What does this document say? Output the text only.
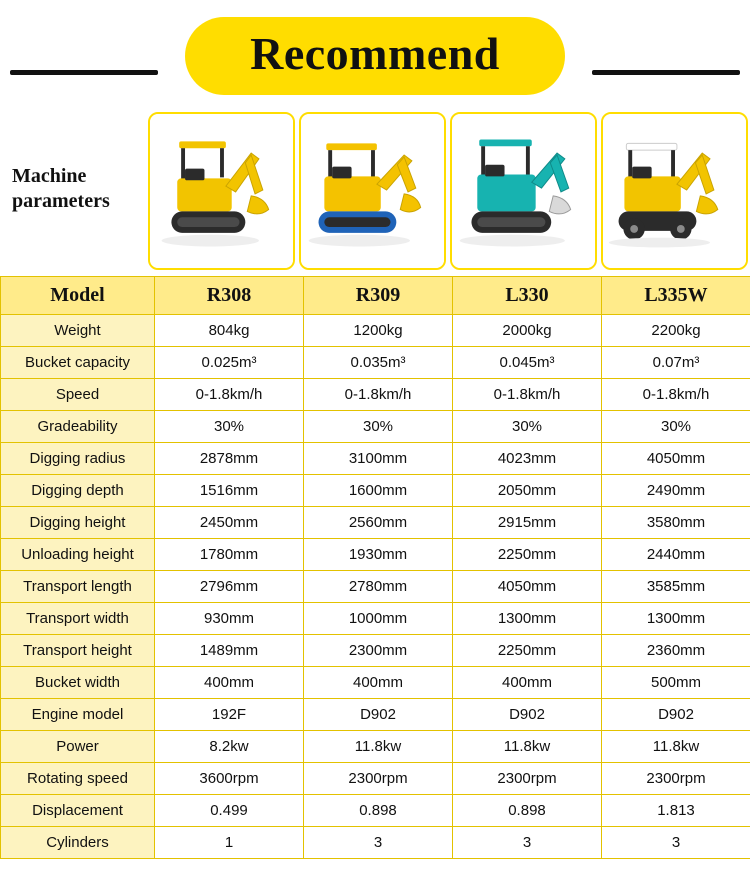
Recommend
Machine
parameters
Model	R308	R309	L330	L335W
Weight	804kg	1200kg	2000kg	2200kg
Bucket capacity	0.025m³	0.035m³	0.045m³	0.07m³
Speed	0-1.8km/h	0-1.8km/h	0-1.8km/h	0-1.8km/h
Gradeability	30%	30%	30%	30%
Digging radius	2878mm	3100mm	4023mm	4050mm
Digging depth	1516mm	1600mm	2050mm	2490mm
Digging height	2450mm	2560mm	2915mm	3580mm
Unloading height	1780mm	1930mm	2250mm	2440mm
Transport length	2796mm	2780mm	4050mm	3585mm
Transport width	930mm	1000mm	1300mm	1300mm
Transport height	1489mm	2300mm	2250mm	2360mm
Bucket width	400mm	400mm	400mm	500mm
Engine model	192F	D902	D902	D902
Power	8.2kw	11.8kw	11.8kw	11.8kw
Rotating speed	3600rpm	2300rpm	2300rpm	2300rpm
Displacement	0.499	0.898	0.898	1.813
Cylinders	1	3	3	3
